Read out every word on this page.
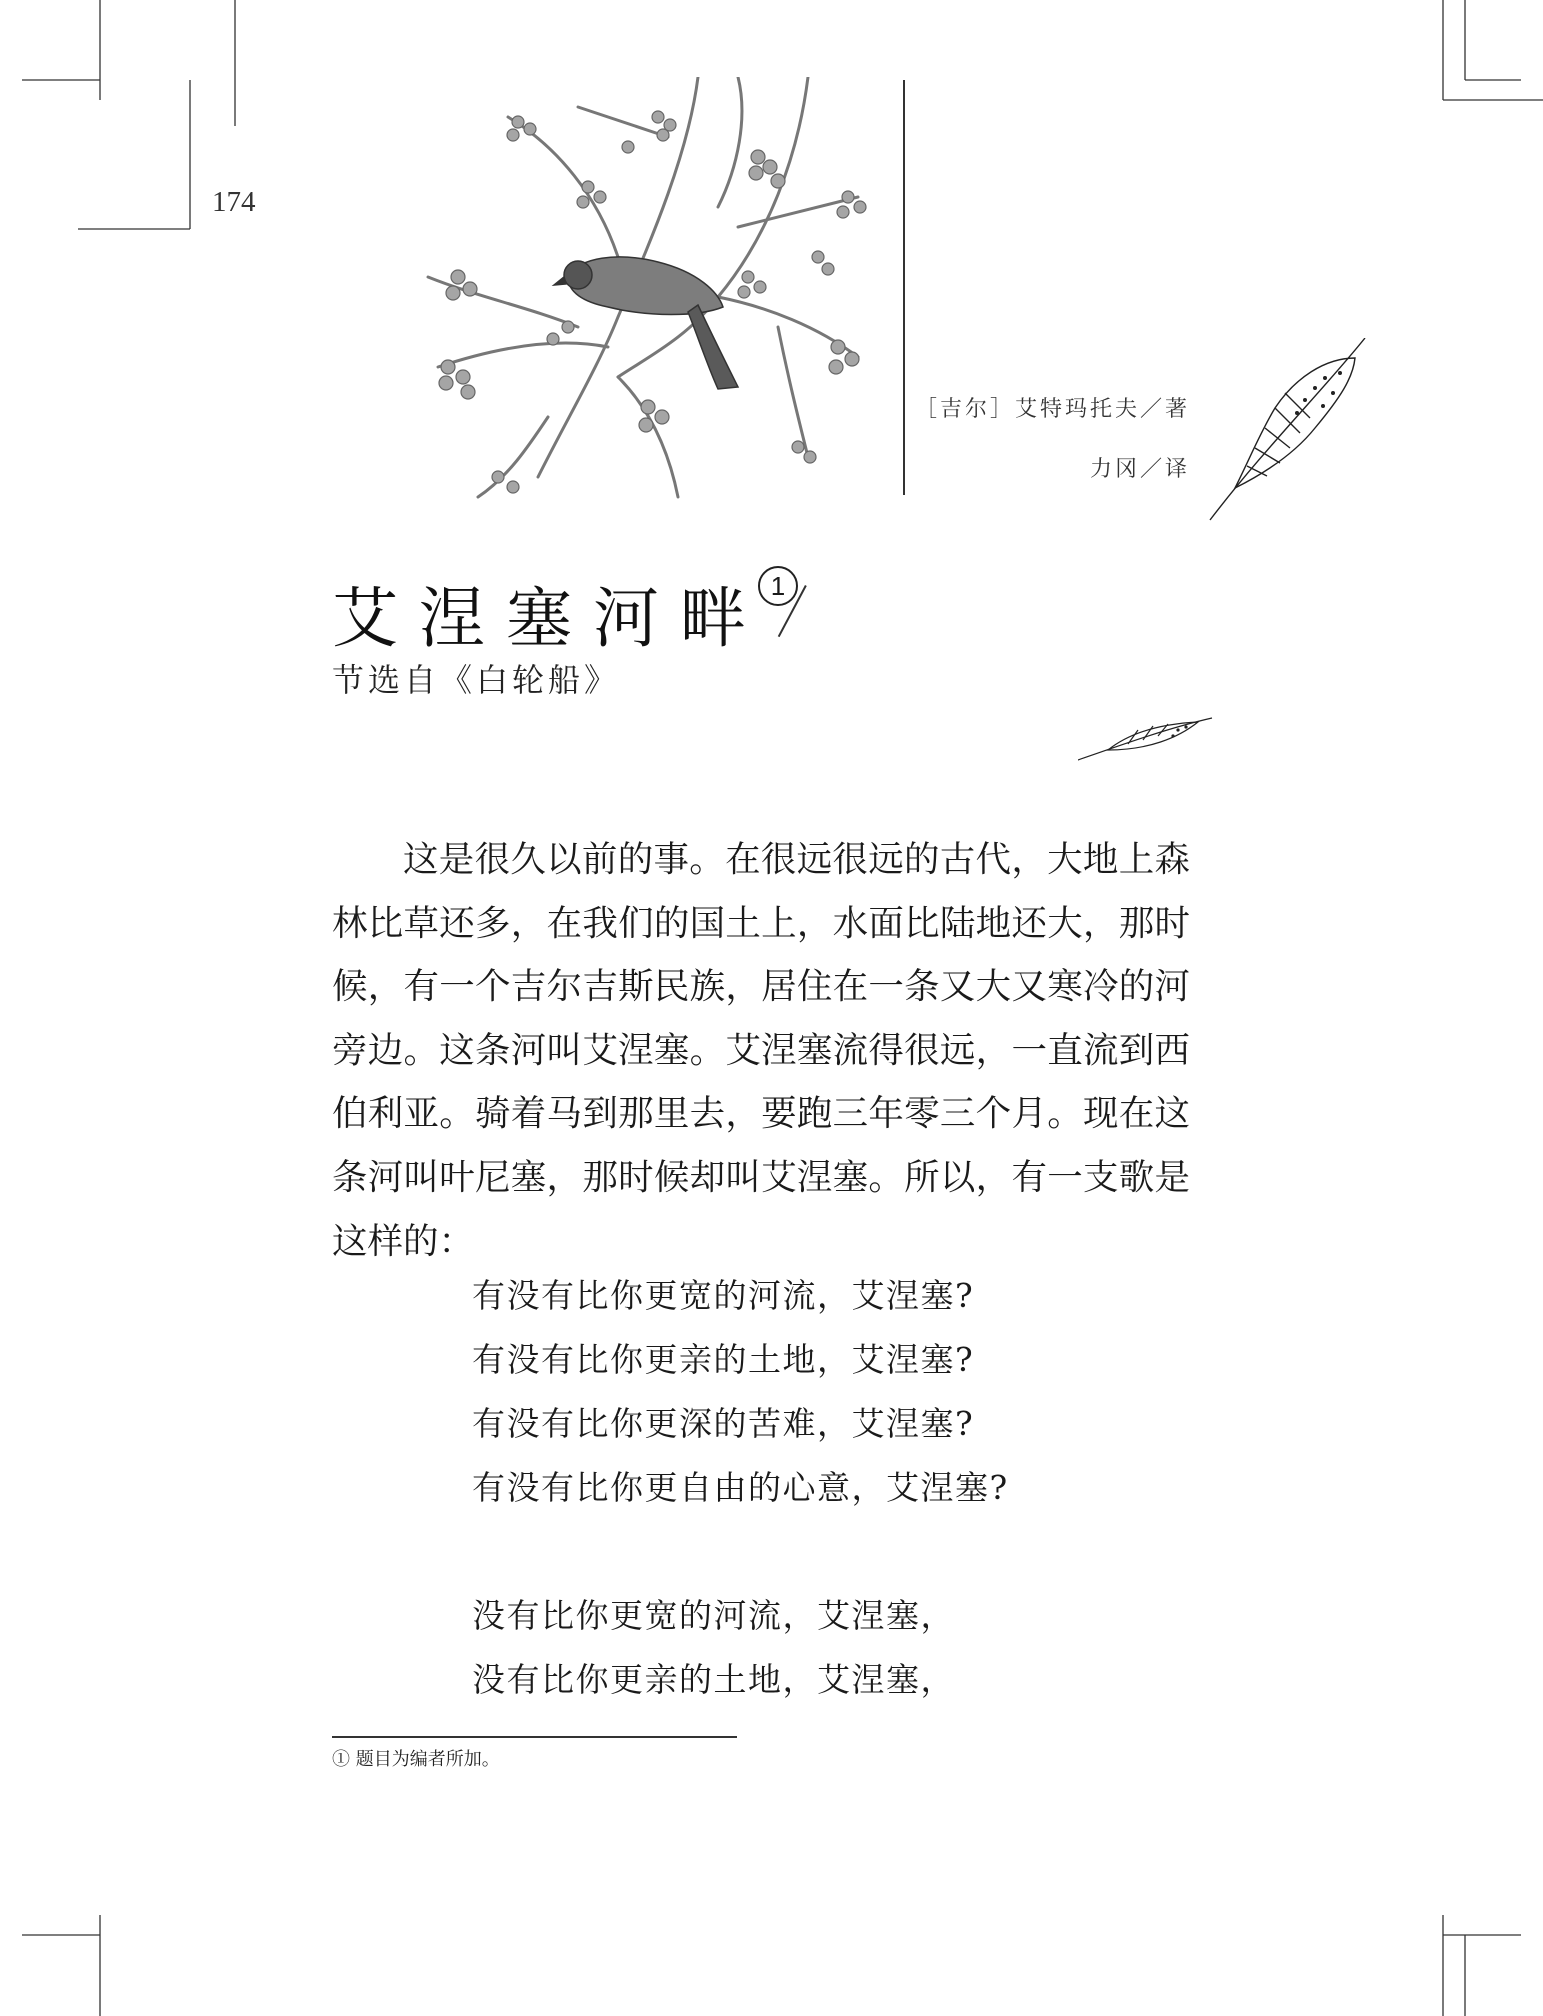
174
［吉尔］艾特玛托夫／著
力冈／译
艾涅塞河畔 1
节选自《白轮船》

这是很久以前的事。在很远很远的古代，大地上森林比草还多，在我们的国土上，水面比陆地还大，那时候，有一个吉尔吉斯民族，居住在一条又大又寒冷的河旁边。这条河叫艾涅塞。艾涅塞流得很远，一直流到西伯利亚。骑着马到那里去，要跑三年零三个月。现在这条河叫叶尼塞，那时候却叫艾涅塞。所以，有一支歌是这样的：

有没有比你更宽的河流，艾涅塞?
有没有比你更亲的土地，艾涅塞?
有没有比你更深的苦难，艾涅塞?
有没有比你更自由的心意，艾涅塞?
没有比你更宽的河流，艾涅塞，
没有比你更亲的土地，艾涅塞，
① 题目为编者所加。
